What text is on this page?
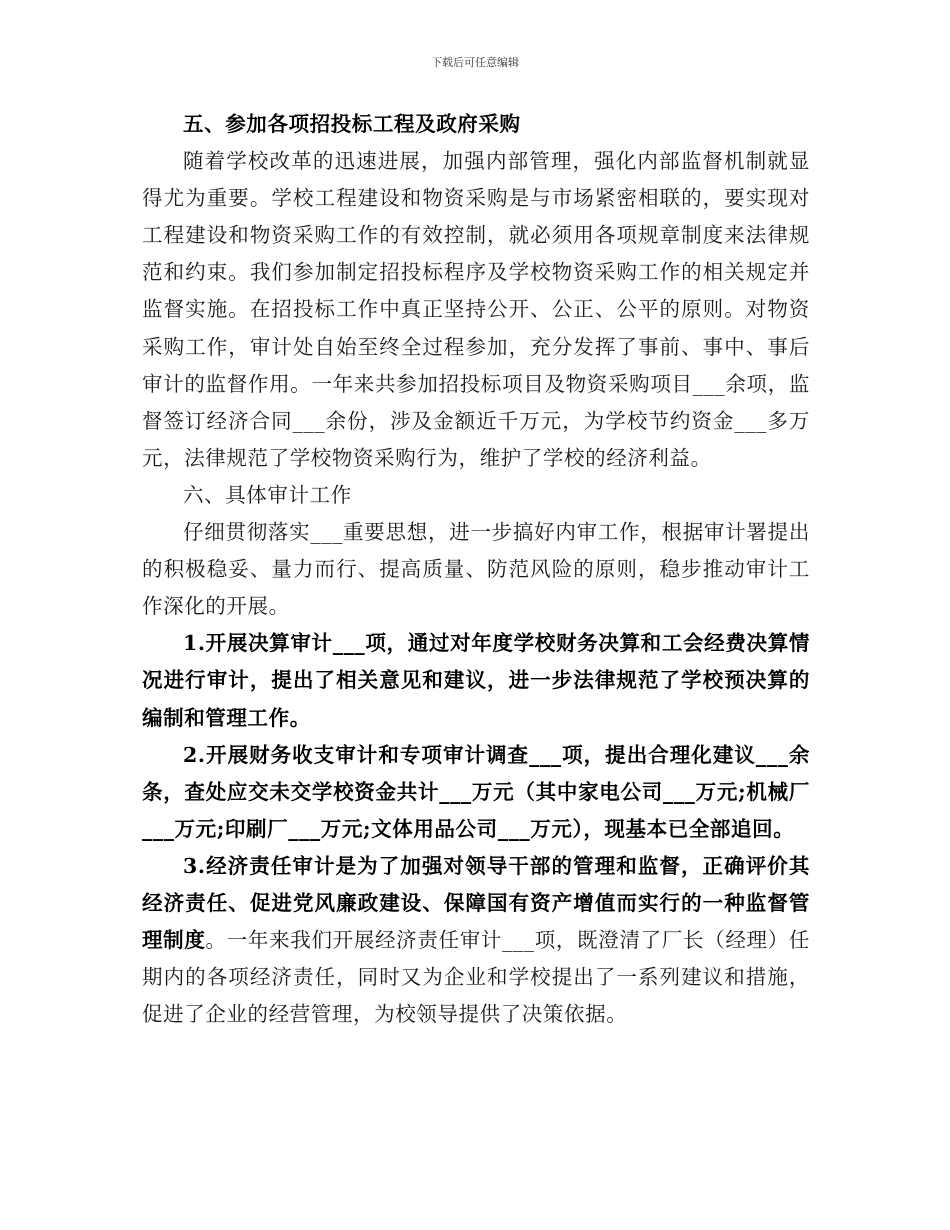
下载后可任意编辑

五、参加各项招投标工程及政府采购

随着学校改革的迅速进展，加强内部管理，强化内部监督机制就显得尤为重要。学校工程建设和物资采购是与市场紧密相联的，要实现对工程建设和物资采购工作的有效控制，就必须用各项规章制度来法律规范和约束。我们参加制定招投标程序及学校物资采购工作的相关规定并监督实施。在招投标工作中真正坚持公开、公正、公平的原则。对物资采购工作，审计处自始至终全过程参加，充分发挥了事前、事中、事后审计的监督作用。一年来共参加招投标项目及物资采购项目___余项，监督签订经济合同___余份，涉及金额近千万元，为学校节约资金___多万元，法律规范了学校物资采购行为，维护了学校的经济利益。

六、具体审计工作

仔细贯彻落实___重要思想，进一步搞好内审工作，根据审计署提出的积极稳妥、量力而行、提高质量、防范风险的原则，稳步推动审计工作深化的开展。

1.开展决算审计___项，通过对年度学校财务决算和工会经费决算情况进行审计，提出了相关意见和建议，进一步法律规范了学校预决算的编制和管理工作。

2.开展财务收支审计和专项审计调查___项，提出合理化建议___余条，查处应交未交学校资金共计___万元（其中家电公司___万元;机械厂___万元;印刷厂___万元;文体用品公司___万元），现基本已全部追回。

3.经济责任审计是为了加强对领导干部的管理和监督，正确评价其经济责任、促进党风廉政建设、保障国有资产增值而实行的一种监督管理制度。一年来我们开展经济责任审计___项，既澄清了厂长（经理）任期内的各项经济责任，同时又为企业和学校提出了一系列建议和措施，促进了企业的经营管理，为校领导提供了决策依据。
